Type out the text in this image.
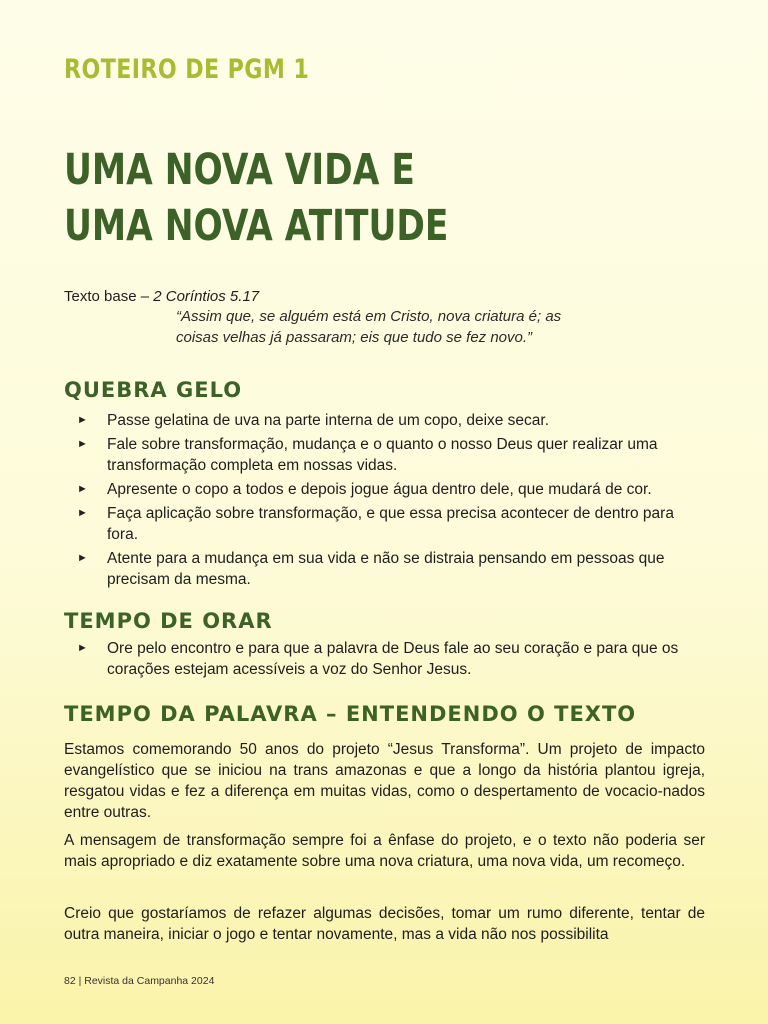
ROTEIRO DE PGM 1
UMA NOVA VIDA E
UMA NOVA ATITUDE
Texto base – 2 Coríntios 5.17
“Assim que, se alguém está em Cristo, nova criatura é; as coisas velhas já passaram; eis que tudo se fez novo.”
QUEBRA GELO
► Passe gelatina de uva na parte interna de um copo, deixe secar.
► Fale sobre transformação, mudança e o quanto o nosso Deus quer realizar uma transformação completa em nossas vidas.
► Apresente o copo a todos e depois jogue água dentro dele, que mudará de cor.
► Faça aplicação sobre transformação, e que essa precisa acontecer de dentro para fora.
► Atente para a mudança em sua vida e não se distraia pensando em pessoas que precisam da mesma.
TEMPO DE ORAR
► Ore pelo encontro e para que a palavra de Deus fale ao seu coração e para que os corações estejam acessíveis a voz do Senhor Jesus.
TEMPO DA PALAVRA – ENTENDENDO O TEXTO

Estamos comemorando 50 anos do projeto “Jesus Transforma”. Um projeto de impacto evangelístico que se iniciou na trans amazonas e que a longo da história plantou igreja, resgatou vidas e fez a diferença em muitas vidas, como o despertamento de vocacio-nados entre outras.

A mensagem de transformação sempre foi a ênfase do projeto, e o texto não poderia ser mais apropriado e diz exatamente sobre uma nova criatura, uma nova vida, um recomeço.

Creio que gostaríamos de refazer algumas decisões, tomar um rumo diferente, tentar de outra maneira, iniciar o jogo e tentar novamente, mas a vida não nos possibilita

82 | Revista da Campanha 2024
